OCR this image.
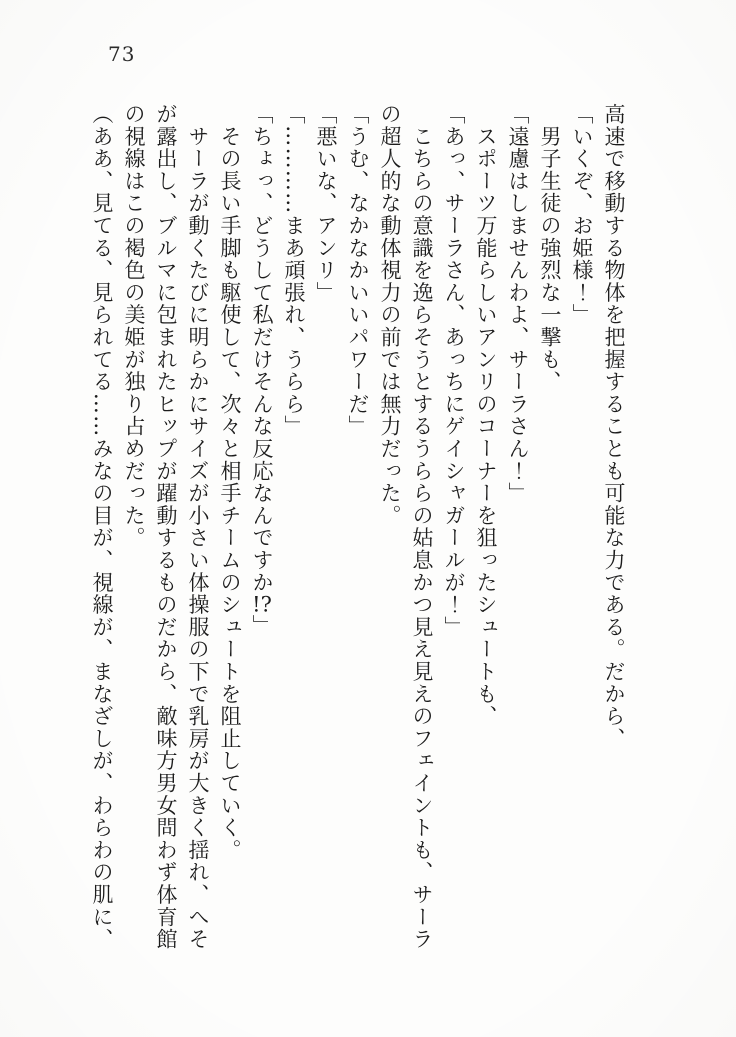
73

高速で移動する物体を把握することも可能な力である。だから、

「いくぞ、お姫様！」

　男子生徒の強烈な一撃も、

「遠慮はしませんわよ、サーラさん！」

　スポーツ万能らしいアンリのコーナーを狙ったシュートも、

「あっ、サーラさん、あっちにゲイシャガールが！」

　こちらの意識を逸らそうとするうららの姑息かつ見え見えのフェイントも、サーラ

の超人的な動体視力の前では無力だった。

「うむ、なかなかいいパワーだ」

「悪いな、アンリ」

「…………まあ頑張れ、うらら」

「ちょっ、どうして私だけそんな反応なんですか!?」

　その長い手脚も駆使して、次々と相手チームのシュートを阻止していく。

　サーラが動くたびに明らかにサイズが小さい体操服の下で乳房が大きく揺れ、へそ

が露出し、ブルマに包まれたヒップが躍動するものだから、敵味方男女問わず体育館

の視線はこの褐色の美姫が独り占めだった。

（ああ、見てる、見られてる……みなの目が、視線が、まなざしが、わらわの肌に、
